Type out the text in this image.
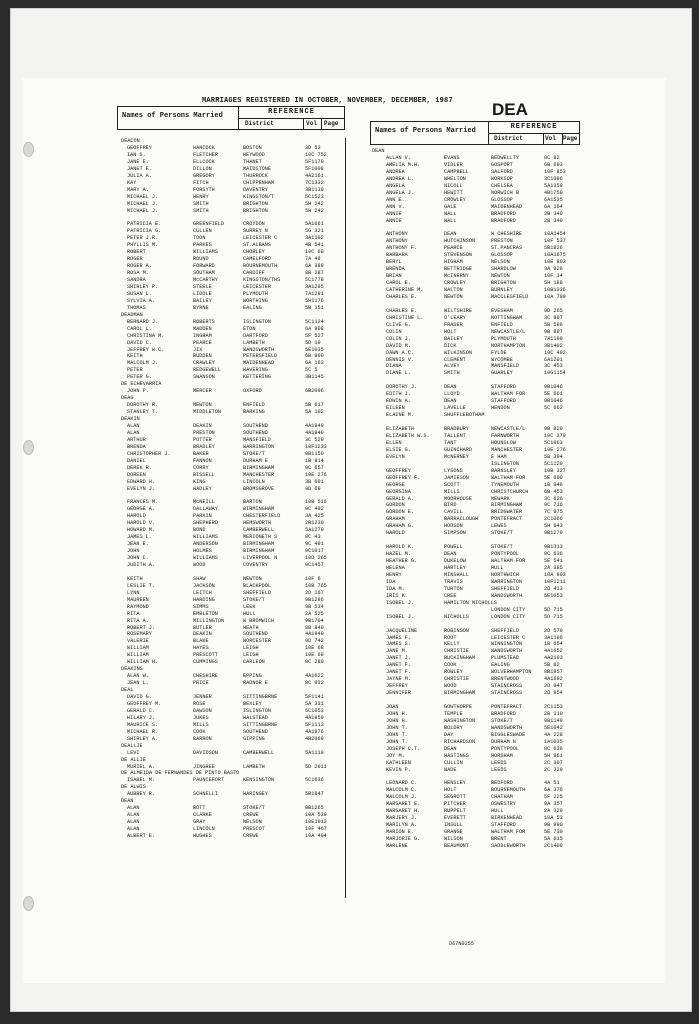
MARRIAGES REGISTERED IN OCTOBER, NOVEMBER, DECEMBER, 1987	DEA
Names of Persons Married	REFERENCE
District	Vol Page
Names of Persons Married	REFERENCE
District	Vol Page
DEACON
GEOFFREY	HANCOCK	BOSTON	3D 53
IAN S.	FLETCHER	HEYWOOD	10C 752
JANE E.	ELLCOCK	THANET	5F1179
JANET E.	DILLON	MAIDSTONE	5F1008
JULIA A.	GREGORY	THURROCK	4A2161
KAY	FITCH	CHIPPENHAM	7C1332
MARY A.	FORSYTH	DAVENTRY	3B1139
MICHAEL J.	HENRY	KINGSTON/T	5C1523
MICHAEL J.	SMITH	BRIGHTON	5H 242
MICHAEL J.	SMITH	BRIGHTON	5H 242
PATRICIA E.	GREENFIELD	CROYDON	5A1661
PATRICIA G.	CULLEN	SURREY N	5G 321
PETER J.R.	TOON	LEICESTER C	3A1102
PHYLLIS M.	PARKES	ST.ALBANS	4B 541
ROBERT	WILLIAMS	CHORLEY	10C 68
ROGER	ROUND	CAMELFORD	7A 48
ROGER A.	FORWARD	BOURNEMOUTH	6A 389
ROSA M.	SOUTHAM	CARDIFF	8B 287
SANDRA	McCARTHY	KINGSTON/THS	5C1778
SHIRLEY P.	STEELE	LEICESTER	3A1295
SUSAN L.	LIDDLE	PLYMOUTH	7A1281
SYLVIA A.	BAILEY	WORTHING	5H1176
THOMAS	BYRNE	EALING	5B 151
DEADMAN
BERNARD J.	ROBERTS	ISLINGTON	5C1124
CAROL L.	MADDEN	ETON	6A 908
CHRISTINA M.	INGRAM	DARTFORD	5F 527
DAVID C.	PEARCE	LAMBETH	5D 10
JEFFREY W.C.	JIX	WANDSWORTH	5E1035
KEITH	BUDDEN	PETERSFIELD	6B 900
MALCOLM J.	CRAWLEY	MAIDENHEAD	6A 163
PETER	REDGEWELL	HAVERING	5C 5
PETER G.	SWANSON	KETTERING	3B1145
DE ECHEVARRIA
JOHN P.	MERCER	OXFORD	6B2096
DEAG
DOROTHY R.	NEWTON	ENFIELD	5B 617
STANLEY T.	MIDDLETON	BARKING	5A 102
DEAKIN
ALAN	DEAKIN	SOUTHEND	4A1949
ALAN	PRESTON	SOUTHEND	4A1949
ARTHUR	POTTER	MANSFIELD	3C 529
BRENDA	BRADLEY	WARRINGTON	10F1233
CHRISTOPHER J.	BAKER	STOKE/T	9B1150
DANIEL	FANNON	DURHAM E	1B 814
DEREK R.	CORRY	BIRMINGHAM	9C 657
DOREEN	BISSELL	MANCHESTER	10E 276
EDWARD H.	KING	LINCOLN	3B 601
EVELYN J.	HADLEY	BROMSGROVE	9D 69
FRANCES M.	McNEILL	BARTON	10B 516
GEORGE A.	DALLAWAY	BIRMINGHAM	9C 492
HAROLD	PARKIN	CHESTERFIELD	3A 425
HAROLD V.	SHEPHERD	HEMSWORTH	2B1230
HOWARD M.	BOND	CAMBERWELL	5A1270
JAMES L.	WILLIAMS	MERIONETH S	8C 43
JEAN E.	ANDERSON	BIRMINGHAM	9C 491
JOHN	HOLMES	BIRMINGHAM	9C1017
JOHN C.	WILLIAMS	LIVERPOOL N	10D 265
JUDITH A.	WOOD	COVENTRY	9C1457
KEITH	SHAW	NEWTON	10F 6
LESLIE T.	JACKSON	BLACKPOOL	10B 765
LYNN	LEITCH	SHEFFIELD	2D 167
MAUREEN	HARDING	STOKE/T	9B1286
RAYMOND	SIMMS	LEEK	9B 534
RITA	EMBLETON	HULL	2A 525
RITA A.	MILLINGTON	W BROMWICH	9B1704
ROBERT J.	BUTLER	HEATH	8B 840
ROSEMARY	DEAKIN	SOUTHEND	4A1949
VALERIE	BLAKE	WORCESTER	9D 742
WILLIAM	HAYES	LEIGH	10E 68
WILLIAM	PRESCOTT	LEIGH	10E 68
WILLIAM H.	CUMMINGS	CARLEON	8C 289
DEAKINS
ALAN W.	CHESHIRE	EPPING	4A1622
JEAN L.	PRICE	RADNOR E	8C 932
DEAL
DAVID G.	JENNER	SITTINGBRNE	5F1141
GEOFFREY M.	ROSE	BEXLEY	5A 331
GERALD C.	DAWSON	ISLINGTON	5C1053
HILARY J.	JUKES	HALSTEAD	4A1859
MAURICE S.	MILLS	SITTINGBRNE	5F1113
MICHAEL R.	COOK	SOUTHEND	4A1876
SHIRLEY A.	BARRON	GIPPING	4B2069
DEALLIE
LEVI	DAVIDSON	CAMBERWELL	5A1119
DE ALLIE
MURIEL A.	JINGREE	LAMBETH	5D 2011
DE ALMEIDA DE FERNANDES DE PINTO BASTO
ISABEL M.	PAUNCEFORT	KENSINGTON	5C1636
DE ALWIS
AUBREY R.	SCHNELLI	HARINGEY	5B1847
DEAN
ALAN	BOTT	STOKE/T	9B1265
ALAN	CLARKE	CREWE	10A 539
ALAN	GRAY	NELSON	10E1013
ALAN	LINCOLN	PRESCOT	10F 467
ALBERT E.	HUGHES	CREWE	10A 494
DEAN
ALLAN V.	EVANS	BEDWELLTY	8C 82
AMELIA M.H.	VIDLER	GOSPORT	6B 693
ANDREA	CAMPBELL	SALFORD	10F 853
ANDREA L.	WHELTON	WORKSOP	3C1096
ANGELA	NICOLL	CHELSEA	5A1359
ANGELA J.	HEWITT	NORWICH B	4B1759
ANN E.	CROWLEY	GLOSSOP	6A1535
ANN V.	GALE	MAIDENHEAD	6A 164
ANNIE	WALL	BRADFORD	2B 340
ANNIE	WALL	BRADFORD	2B 340
ANTHONY	DEAN	W CHESHIRE	10A1454
ANTHONY	HUTCHINSON	PRESTON	10F 537
ANTHONY F.	PEARCE	ST.PANCRAS	5B1826
BARBARA	STEVENSON	GLOSSOP	10A1675
BERYL	HIGHAM	NELSON	10E 803
BRENDA	BETTRIDGE	SHARDLOW	3A 926
BRIAN	McINERNY	NEWTON	10F 14
CAROL E.	CROWLEY	BRIGHTON	5H 188
CATHERINE M.	WALTON	BURNLEY	10B1336
CHARLES E.	NEWTON	MACCLESFIELD	10A 799
CHARLES E.	WILTSHIRE	EVESHAM	9D 265
CHRISTINE L.	O'LEARY	NOTTINGHAM	3C 807
CLIVE G.	FRASER	ENFIELD	5B 596
COLIN	HOLT	NEWCASTLE/L	9B 897
COLIN J.	BAILEY	PLYMOUTH	7A1199
DAVID M.	DICK	NORTHAMPTON	3B1402
DAWN A.C.	WILKINSON	FYLDE	10C 492
DENNIS V.	CLEMENT	WYCOMBE	6A1201
DIANA	ALVEY	MANSFIELD	3C 453
DIANE L.	SMITH	GUARLEY	10G1154
DOROTHY J.	DEAN	STAFFORD	9B1046
EDITH J.	LLOYD	WALTHAM FOR	5E 661
EDWIN A.	DEAN	STAFFORD	9B1046
EILEEN	LAVELLE	HENDON	5C 662
ELAINE M.	SHUFFLEBOTHAM
ELIZABETH	BRADBURY	NEWCASTLE/L	9B 820
ELIZABETH W.S.	TALLENT	FARNWORTH	10C 379
ELLEN	TANT	HOUNSLOW	5C1063
ELSIE G.	GUINCHARD	MANCHESTER	10E 276
EVELYN	McNERNEY	E HAM	5B 394
ISLINGTON	5C1120
GEOFFREY	LYSONS	BARNSLEY	10B 327
GEOFFREY F.	JAMIESON	WALTHAM FOR	5E 690
GEORGE	SCOTT	TYNEMOUTH	1B 946
GEORGINA	MILLS	CHRISTCHURCH	6B 453
GERALD A.	MOORHOUSE	NEWARK	3C 626
GORDON	BIRD	BIRMINGHAM	9C 716
GORDON E.	CAVILL	BRIDGWATER	7C 975
GRAHAM	BARRACLOUGH PONTEFRACT	2C1066
GRAHAM G.	HODSON	LEWES	5H 643
HAROLD	SIMPSON	STOKE/T	9B1279
HAROLD K.	POWELL	STOKE/T	9B1313
HAZEL M.	DEAN	PONTYPOOL	8C 636
HEATHER G.	DUKELOW	WALTHAM FOR	5E 541
HELENA	HARTLEY	HULL	2A 385
HENRY	MINSHALL	NORTHWICH	10A 903
IDA	TRAVIS	WARRINGTON	10F1211
IDA M.	TURTON	SHEFFIELD	2D 413
IRIS K.	CREE	WANDSWORTH	5E1053
ISOBEL J.	HAMILTON NICHOLLS
LONDON CITY	5D 715
ISOBEL J.	NICHOLLS	LONDON CITY	5D 715
JACQUELINE	ROBINSON	SHEFFIELD	2D 570
JAMES F.	ROOT	LEICESTER C	3A1106
JAMES S.	KELLY	WINNINGTON	1B 654
JANE M.	CHRISTIE	WANDSWORTH	4A1652
JANET J.	BUCKINGHAM	PLUMSTEAD	4A2103
JANET F.	COOK	EALING	5B 82
JANET F.	ROWLEY	WOLVERHAMPTON 9B1957
JAYNE M.	CHRISTIE	BRENTWOOD	4A1692
JEFFREY	WOOD	STAINCROSS	2D 947
JENNIFER	BIRMINGHAM	STAINCROSS	2D 954
JOAN	GOWTHORPE	PONTEFRACT	2C1153
JOHN H.	TEMPLE	BRADFORD	2B 110
JOHN H.	WASHINGTON	STOKE/T	9B1149
JOHN T.	BOLDRY	WANDSWORTH	5E1042
JOHN T.	DAY	BIGGLESWADE	4A 228
JOHN T.	RICHARDSON	DURHAM N	1A1035
JOSEPH C.T.	DEAN	PONTYPOOL	8C 636
JOY M.	HASTINGS	HORSHAM	5H 961
KATHLEEN	CULLIN	LEEDS	2C 307
KEVIN P.	WADE	LEEDS	2C 329
LEONARD C.	HENSLEY	BEDFORD	4A 51
MALCOLM C.	HOLT	BOURNEMOUTH	6A 376
MALCOLM J.	SEGROTT	CHATHAM	5F 225
MARGARET E.	PITCHER	OSWESTRY	9A 357
MARGARET H.	RUPPELT	HULL	2A 329
MARJERY J.	EVERETT	BIRKENHEAD	10A 53
MARILYN A.	INSULL	STAFFORD	9B 990
MARION E.	GRANGE	WALTHAM FOR	5E 730
MARJORIE G.	WILSON	BRENT	5A 615
MARLENE	BEAUMONT	SADDLEWORTH	2C1409
D67N0255
